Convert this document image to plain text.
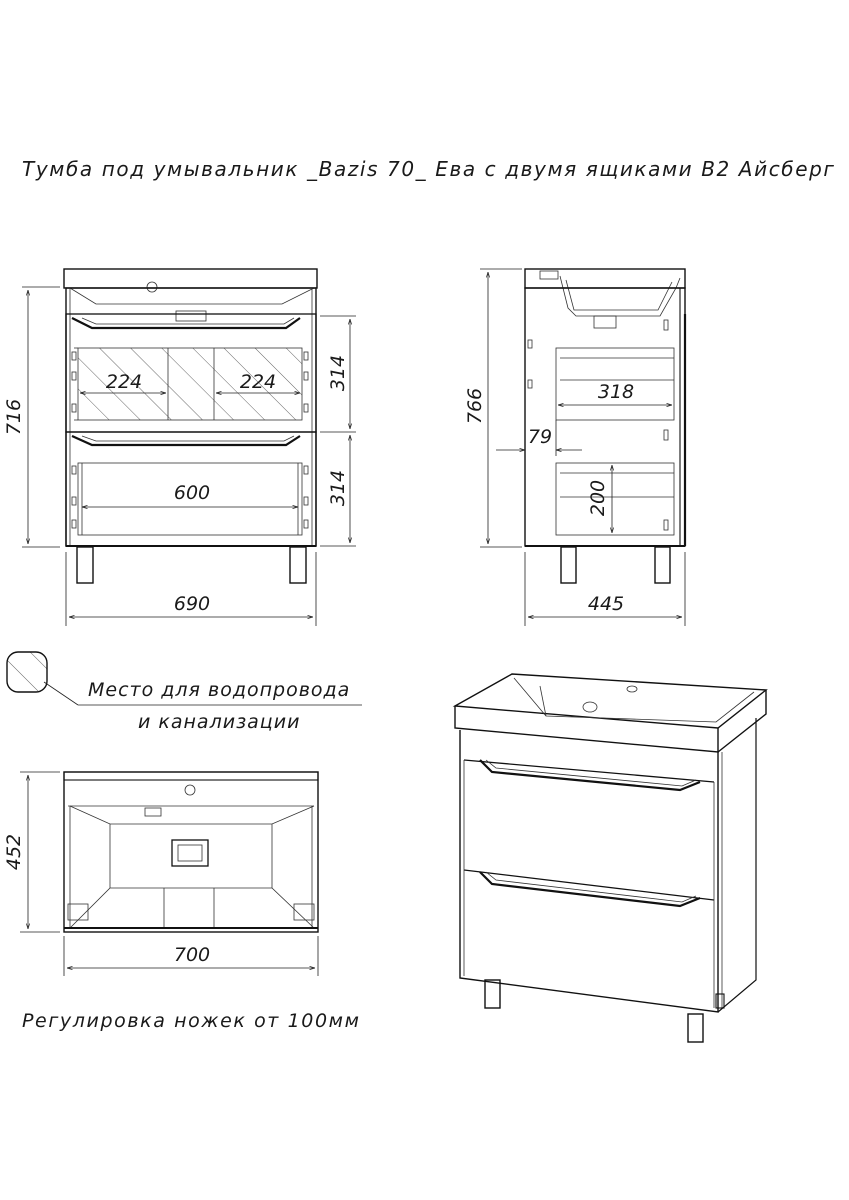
Тумба под умывальник _Bazis 70_ Ева с двумя ящиками В2 Айсберг
716
314
314
224	224
600
690
766	318
79
200
445
Место для водопровода
и канализации
452
700
Регулировка ножек от 100мм
